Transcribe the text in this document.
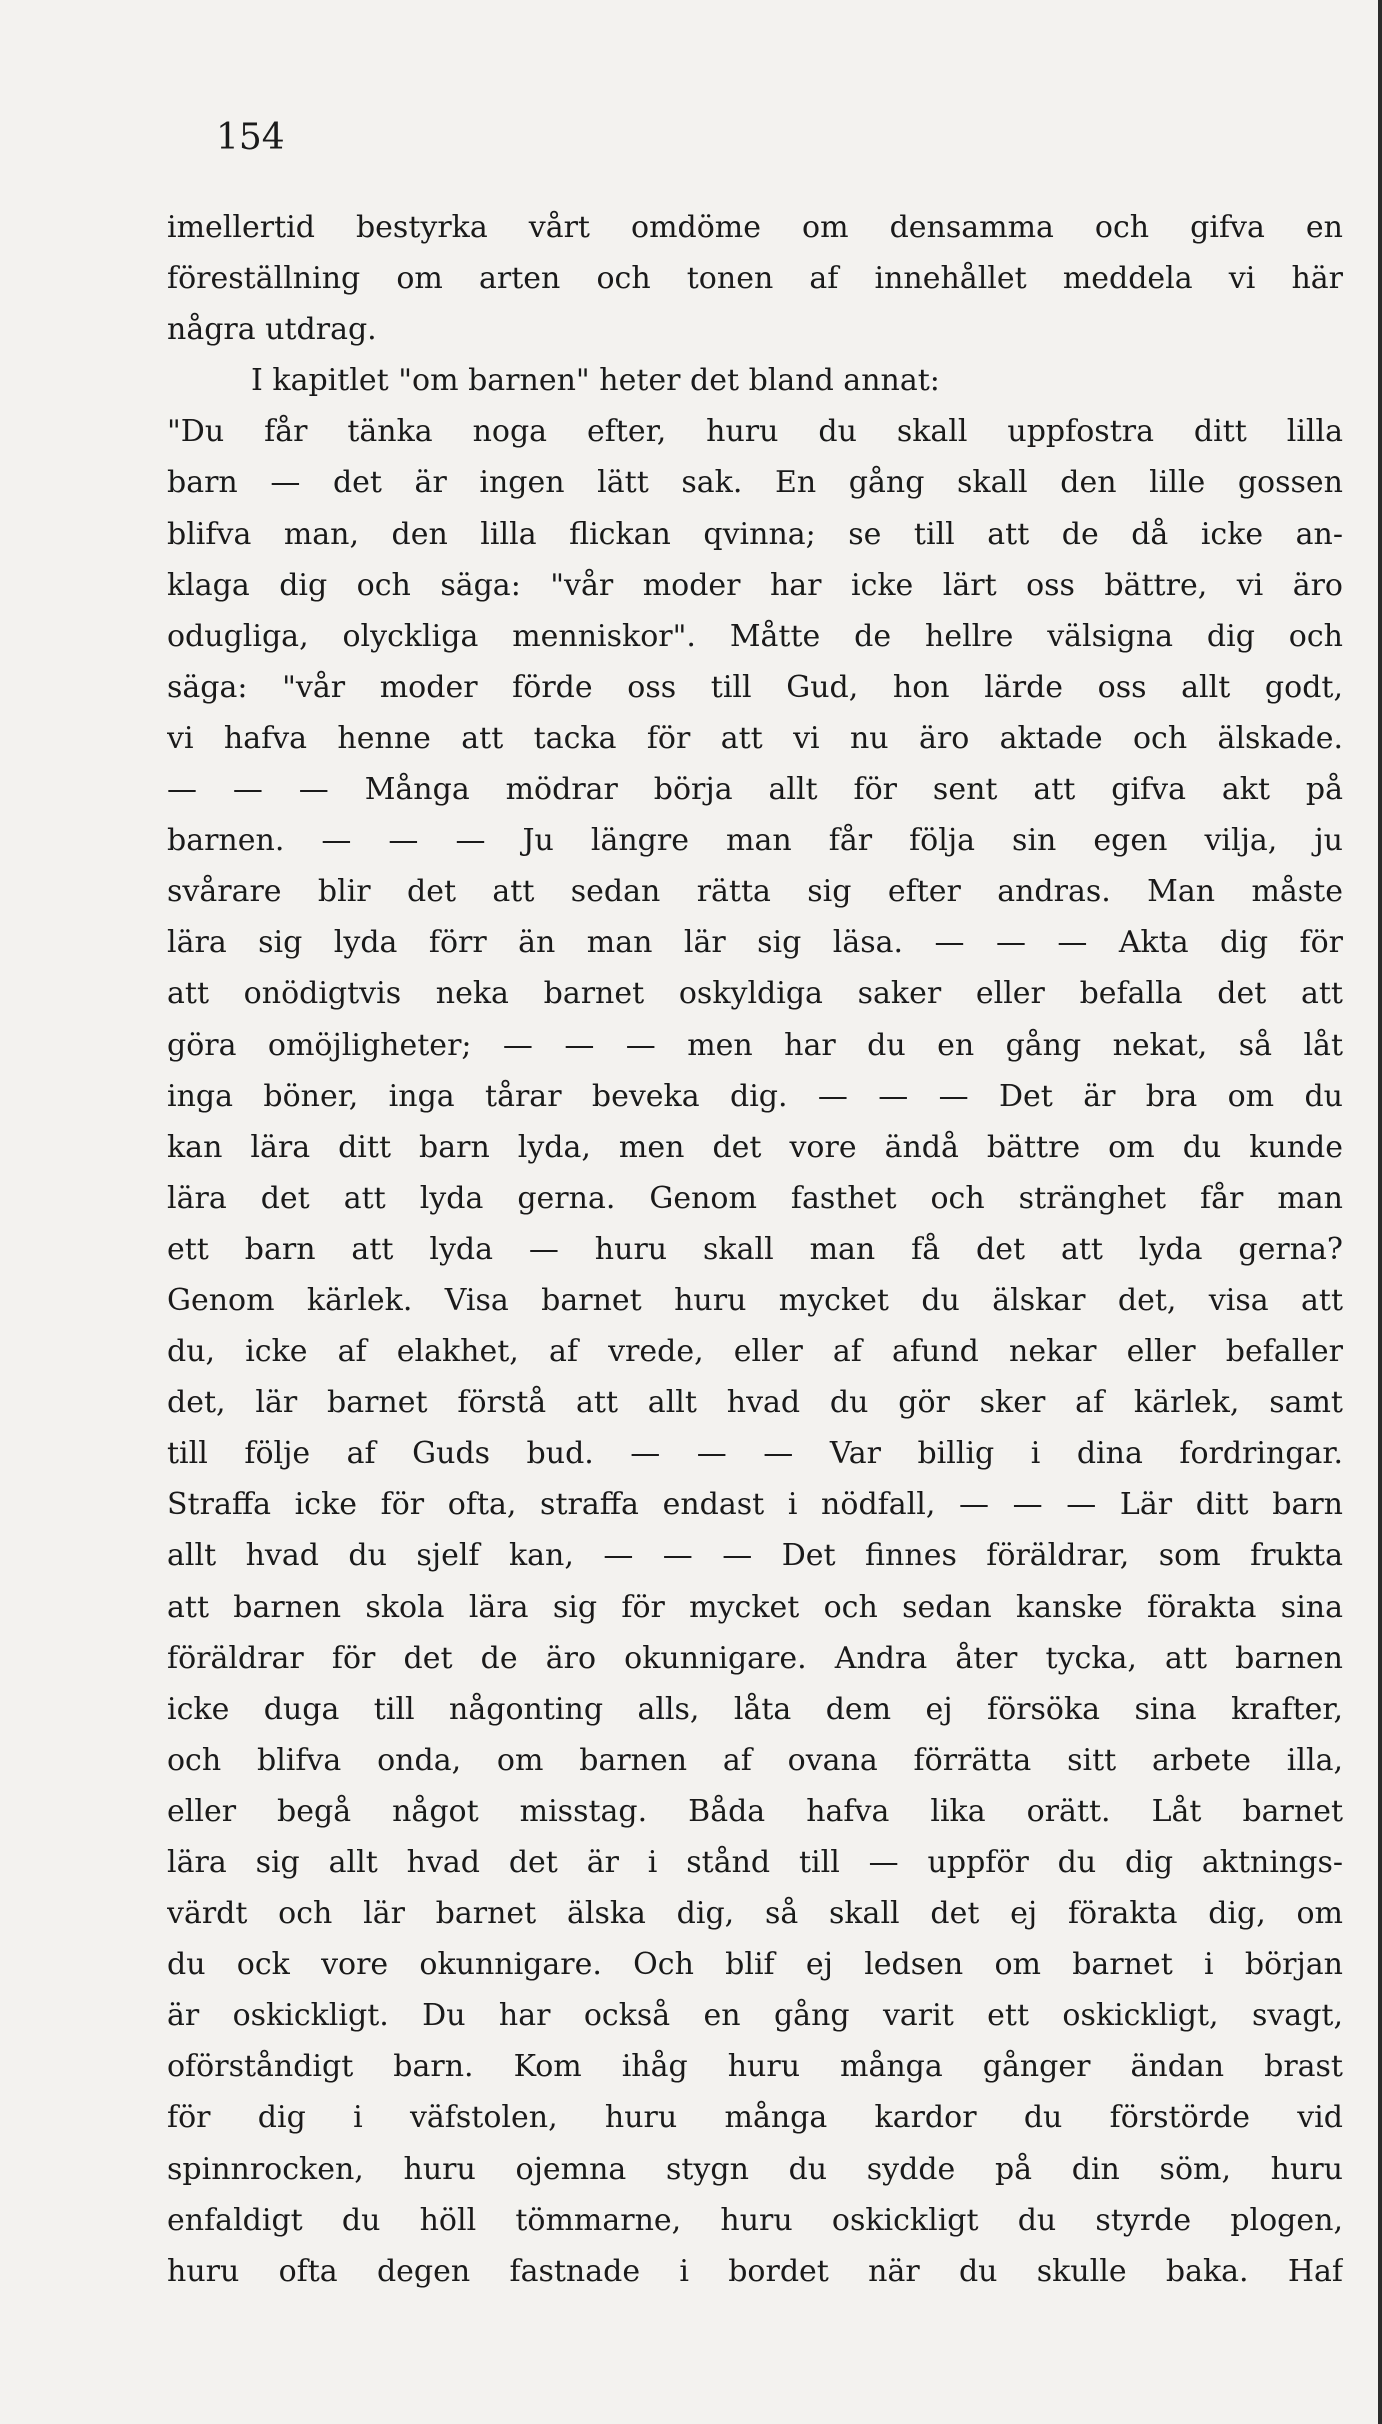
154
imellertid bestyrka vårt omdöme om densamma och gifva en
föreställning om arten och tonen af innehållet meddela vi här
några utdrag.
I kapitlet "om barnen" heter det bland annat:
"Du får tänka noga efter, huru du skall uppfostra ditt lilla
barn — det är ingen lätt sak. En gång skall den lille gossen
blifva man, den lilla flickan qvinna; se till att de då icke an-
klaga dig och säga: "vår moder har icke lärt oss bättre, vi äro
odugliga, olyckliga menniskor". Måtte de hellre välsigna dig och
säga: "vår moder förde oss till Gud, hon lärde oss allt godt,
vi hafva henne att tacka för att vi nu äro aktade och älskade.
— — — Många mödrar börja allt för sent att gifva akt på
barnen. — — — Ju längre man får följa sin egen vilja, ju
svårare blir det att sedan rätta sig efter andras. Man måste
lära sig lyda förr än man lär sig läsa. — — — Akta dig för
att onödigtvis neka barnet oskyldiga saker eller befalla det att
göra omöjligheter; — — — men har du en gång nekat, så låt
inga böner, inga tårar beveka dig. — — — Det är bra om du
kan lära ditt barn lyda, men det vore ändå bättre om du kunde
lära det att lyda gerna. Genom fasthet och stränghet får man
ett barn att lyda — huru skall man få det att lyda gerna?
Genom kärlek. Visa barnet huru mycket du älskar det, visa att
du, icke af elakhet, af vrede, eller af afund nekar eller befaller
det, lär barnet förstå att allt hvad du gör sker af kärlek, samt
till följe af Guds bud. — — — Var billig i dina fordringar.
Straffa icke för ofta, straffa endast i nödfall, — — — Lär ditt barn
allt hvad du sjelf kan, — — — Det finnes föräldrar, som frukta
att barnen skola lära sig för mycket och sedan kanske förakta sina
föräldrar för det de äro okunnigare. Andra åter tycka, att barnen
icke duga till någonting alls, låta dem ej försöka sina krafter,
och blifva onda, om barnen af ovana förrätta sitt arbete illa,
eller begå något misstag. Båda hafva lika orätt. Låt barnet
lära sig allt hvad det är i stånd till — uppför du dig aktnings-
värdt och lär barnet älska dig, så skall det ej förakta dig, om
du ock vore okunnigare. Och blif ej ledsen om barnet i början
är oskickligt. Du har också en gång varit ett oskickligt, svagt,
oförståndigt barn. Kom ihåg huru många gånger ändan brast
för dig i väfstolen, huru många kardor du förstörde vid
spinnrocken, huru ojemna stygn du sydde på din söm, huru
enfaldigt du höll tömmarne, huru oskickligt du styrde plogen,
huru ofta degen fastnade i bordet när du skulle baka. Haf
